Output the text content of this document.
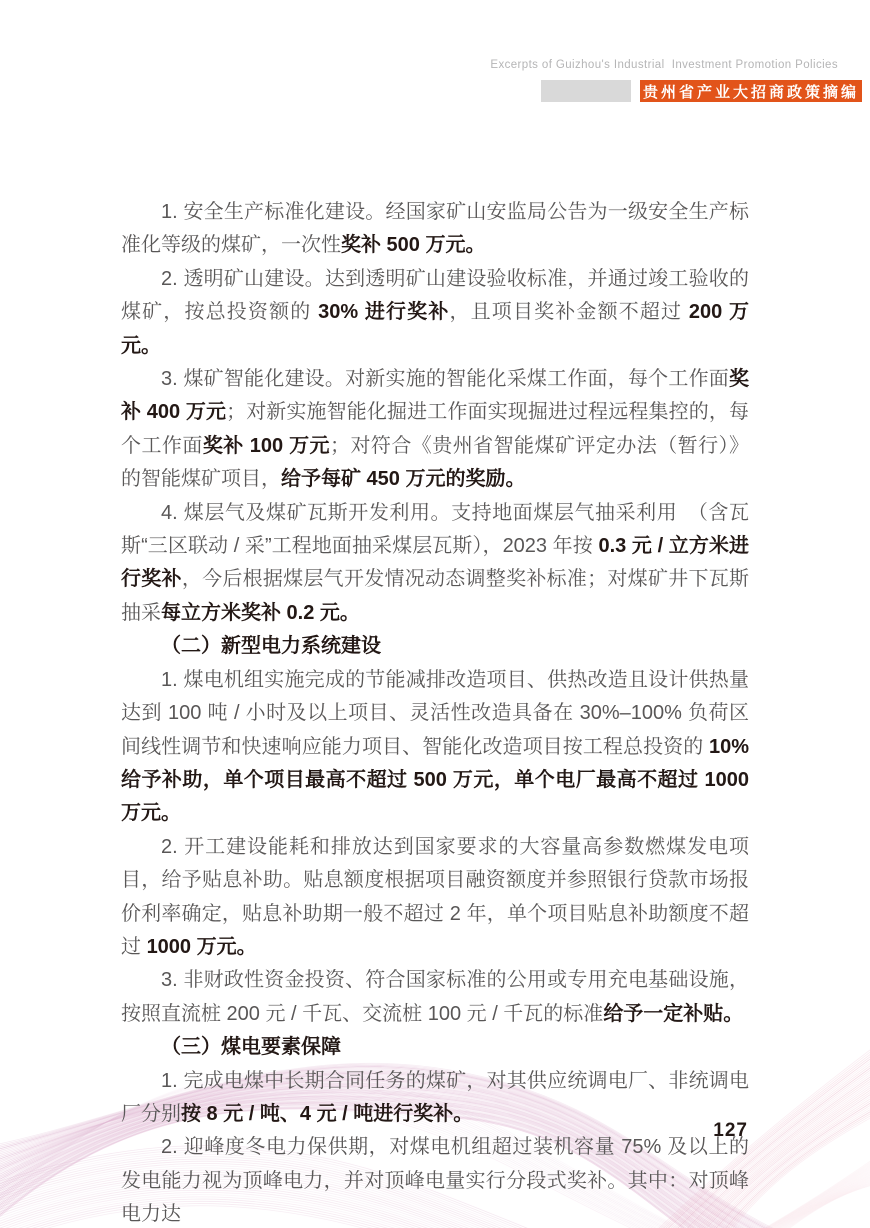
Excerpts of Guizhou's Industrial  Investment Promotion Policies
贵州省产业大招商政策摘编

1. 安全生产标准化建设。经国家矿山安监局公告为一级安全生产标准化等级的煤矿，一次性奖补 500 万元。

2. 透明矿山建设。达到透明矿山建设验收标准，并通过竣工验收的煤矿，按总投资额的 30% 进行奖补，且项目奖补金额不超过 200 万元。

3. 煤矿智能化建设。对新实施的智能化采煤工作面，每个工作面奖补 400 万元；对新实施智能化掘进工作面实现掘进过程远程集控的，每个工作面奖补 100 万元；对符合《贵州省智能煤矿评定办法（暂行）》的智能煤矿项目，给予每矿 450 万元的奖励。

4. 煤层气及煤矿瓦斯开发利用。支持地面煤层气抽采利用　（含瓦斯“三区联动 / 采”工程地面抽采煤层瓦斯），2023 年按 0.3 元 / 立方米进行奖补，今后根据煤层气开发情况动态调整奖补标准；对煤矿井下瓦斯抽采每立方米奖补 0.2 元。

（二）新型电力系统建设

1. 煤电机组实施完成的节能减排改造项目、供热改造且设计供热量达到 100 吨 / 小时及以上项目、灵活性改造具备在 30%–100% 负荷区间线性调节和快速响应能力项目、智能化改造项目按工程总投资的 10% 给予补助，单个项目最高不超过 500 万元，单个电厂最高不超过 1000 万元。

2. 开工建设能耗和排放达到国家要求的大容量高参数燃煤发电项目，给予贴息补助。贴息额度根据项目融资额度并参照银行贷款市场报价利率确定，贴息补助期一般不超过 2 年，单个项目贴息补助额度不超过 1000 万元。

3. 非财政性资金投资、符合国家标准的公用或专用充电基础设施，按照直流桩 200 元 / 千瓦、交流桩 100 元 / 千瓦的标准给予一定补贴。

（三）煤电要素保障

1. 完成电煤中长期合同任务的煤矿，对其供应统调电厂、非统调电厂分别按 8 元 / 吨、4 元 / 吨进行奖补。

2. 迎峰度冬电力保供期，对煤电机组超过装机容量 75% 及以上的发电能力视为顶峰电力，并对顶峰电量实行分段式奖补。其中：对顶峰电力达

127
